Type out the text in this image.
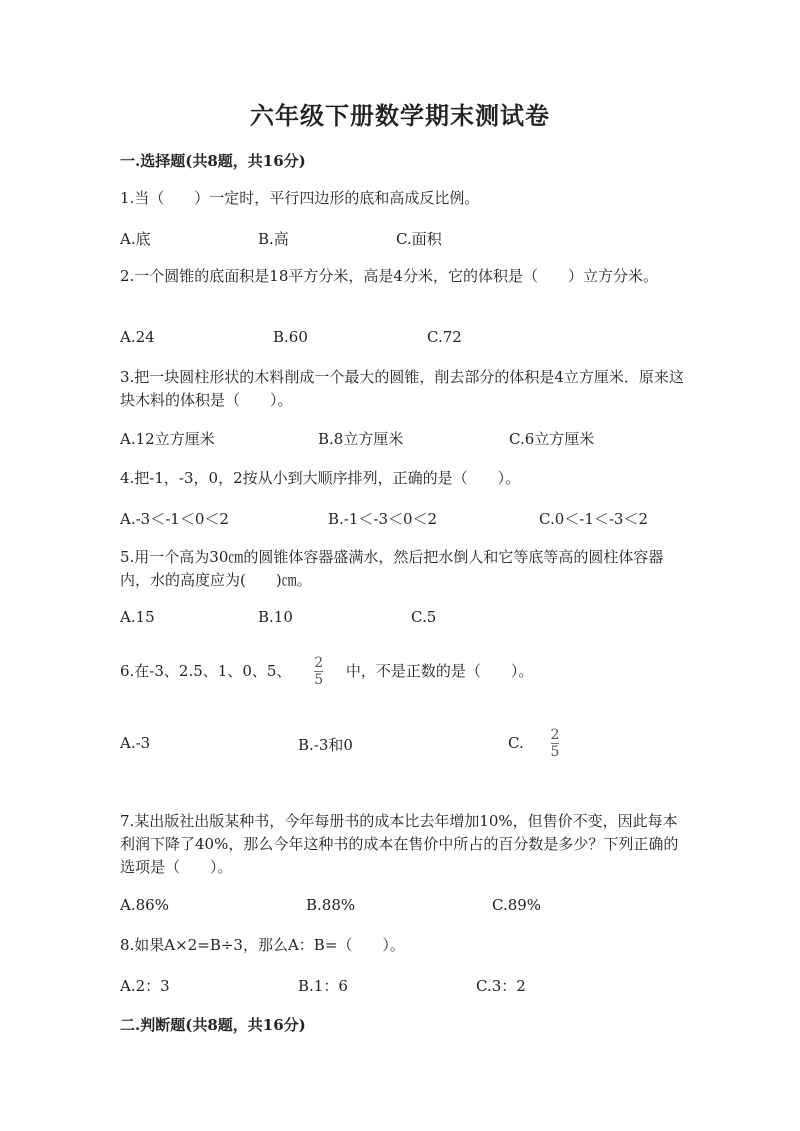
六年级下册数学期末测试卷
一.选择题(共8题，共16分)
1.当（　　）一定时，平行四边形的底和高成反比例。
A.底	B.高	C.面积
2.一个圆锥的底面积是18平方分米，高是4分米，它的体积是（　　）立方分米。
A.24	B.60	C.72
3.把一块圆柱形状的木料削成一个最大的圆锥，削去部分的体积是4立方厘米．原来这块木料的体积是（　　）。
A.12立方厘米	B.8立方厘米	C.6立方厘米
4.把-1，-3，0，2按从小到大顺序排列，正确的是（　　）。
A.-3＜-1＜0＜2	B.-1＜-3＜0＜2	C.0＜-1＜-3＜2
5.用一个高为30㎝的圆锥体容器盛满水，然后把水倒人和它等底等高的圆柱体容器内，水的高度应为(　　)㎝。
A.15	B.10	C.5
6.在-3、2.5、1、0、5、 $\frac{2}{5}$ 中，不是正数的是（　　）。
A.-3	B.-3和0	C. $\frac{2}{5}$
7.某出版社出版某种书，今年每册书的成本比去年增加10%，但售价不变，因此每本利润下降了40%，那么今年这种书的成本在售价中所占的百分数是多少？下列正确的选项是（　　）。
A.86%	B.88%	C.89%
8.如果A×2=B÷3，那么A：B=（　　）。
A.2：3	B.1：6	C.3：2
二.判断题(共8题，共16分)
